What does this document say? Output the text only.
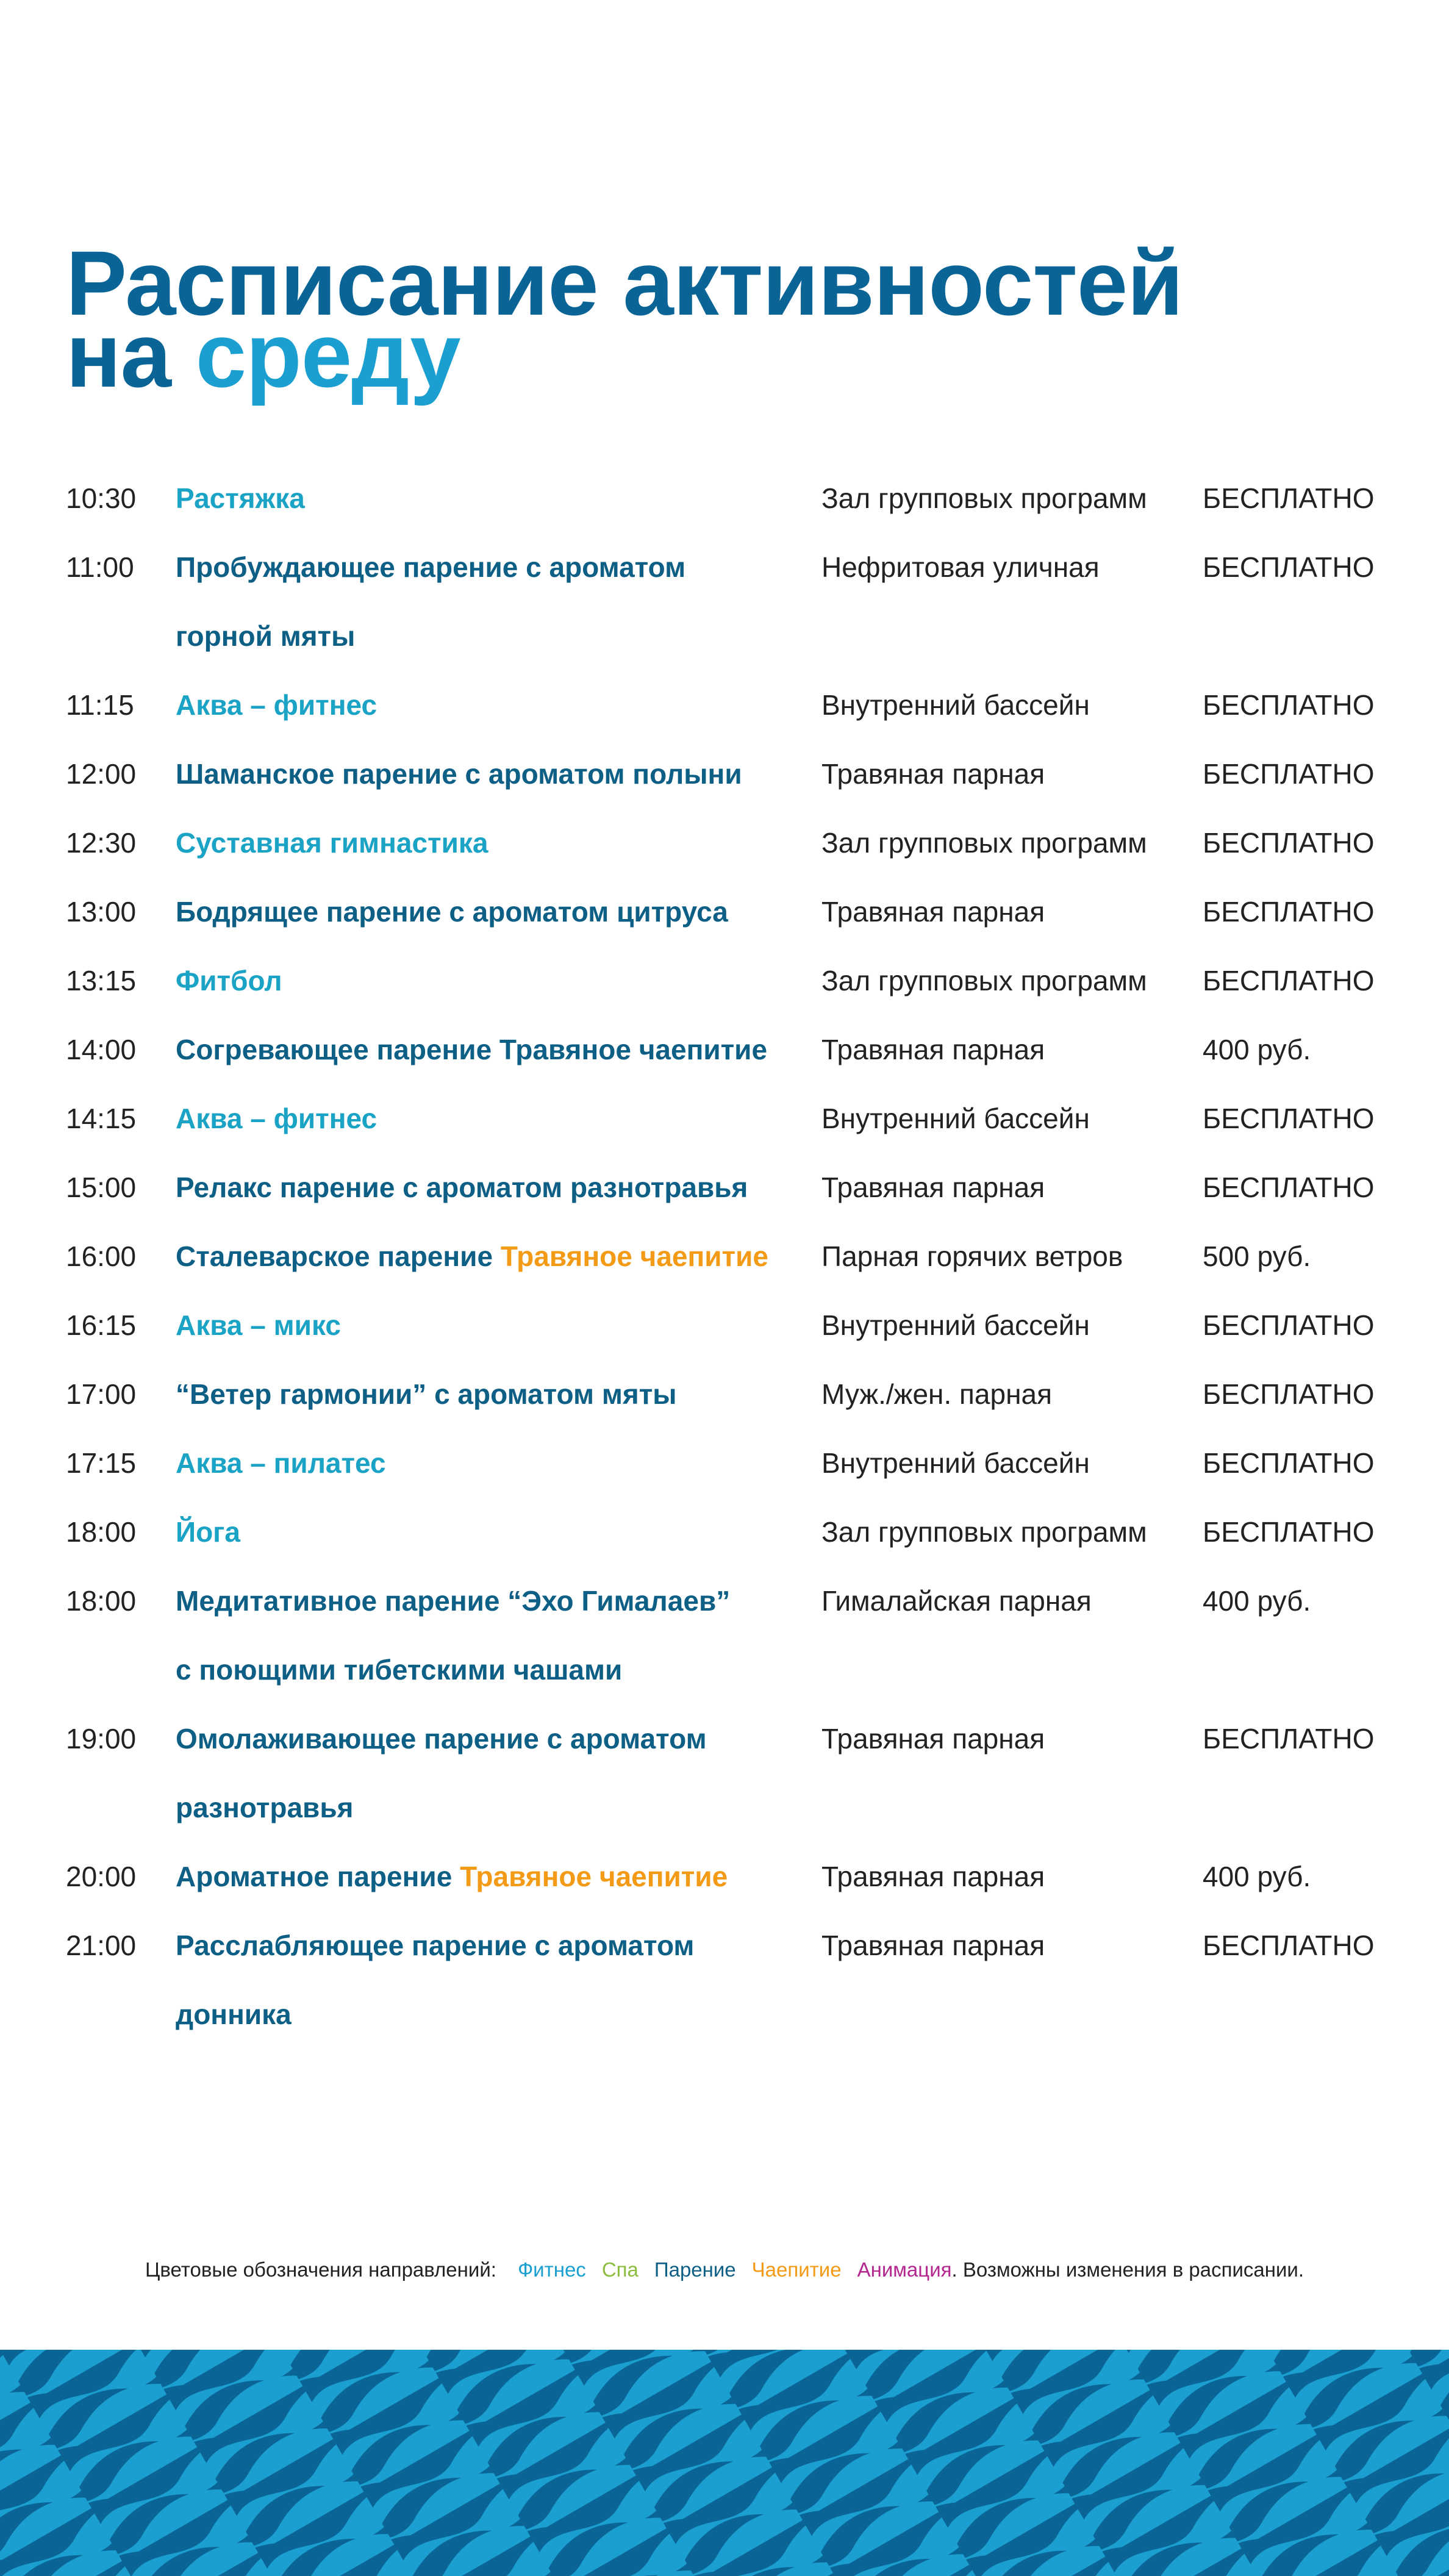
Расписание активностей
на среду
10:30 Растяжка	Зал групповых программ БЕСПЛАТНО
11:00 Пробуждающее парение с ароматом
горной мяты
Нефритовая уличная	БЕСПЛАТНО
11:15 Аква – фитнес	Внутренний бассейн	БЕСПЛАТНО
12:00 Шаманское парение с ароматом полыни	Травяная парная	БЕСПЛАТНО
12:30 Суставная гимнастика	Зал групповых программ БЕСПЛАТНО
13:00 Бодрящее парение с ароматом цитруса	Травяная парная	БЕСПЛАТНО
13:15 Фитбол	Зал групповых программ БЕСПЛАТНО
14:00 Согревающее парение Травяное чаепитие	Травяная парная	400 руб.
14:15 Аква – фитнес	Внутренний бассейн	БЕСПЛАТНО
15:00 Релакс парение с ароматом разнотравья	Травяная парная	БЕСПЛАТНО
16:00 Сталеварское парение Травяное чаепитие	Парная горячих ветров	500 руб.
16:15 Аква – микс	Внутренний бассейн	БЕСПЛАТНО
17:00 “Ветер гармонии” с ароматом мяты	Муж./жен. парная	БЕСПЛАТНО
17:15 Аква – пилатес	Внутренний бассейн	БЕСПЛАТНО
18:00 Йога	Зал групповых программ БЕСПЛАТНО
18:00 Медитативное парение “Эхо Гималаев”
с поющими тибетскими чашами
Гималайская парная	400 руб.
19:00 Омолаживающее парение с ароматом
разнотравья
Травяная парная	БЕСПЛАТНО
20:00 Ароматное парение Травяное чаепитие	Травяная парная	400 руб.
21:00 Расслабляющее парение с ароматом
донника
Травяная парная	БЕСПЛАТНО
Цветовые обозначения направлений: Фитнес Спа Парение Чаепитие Анимация. Возможны изменения в расписании.
